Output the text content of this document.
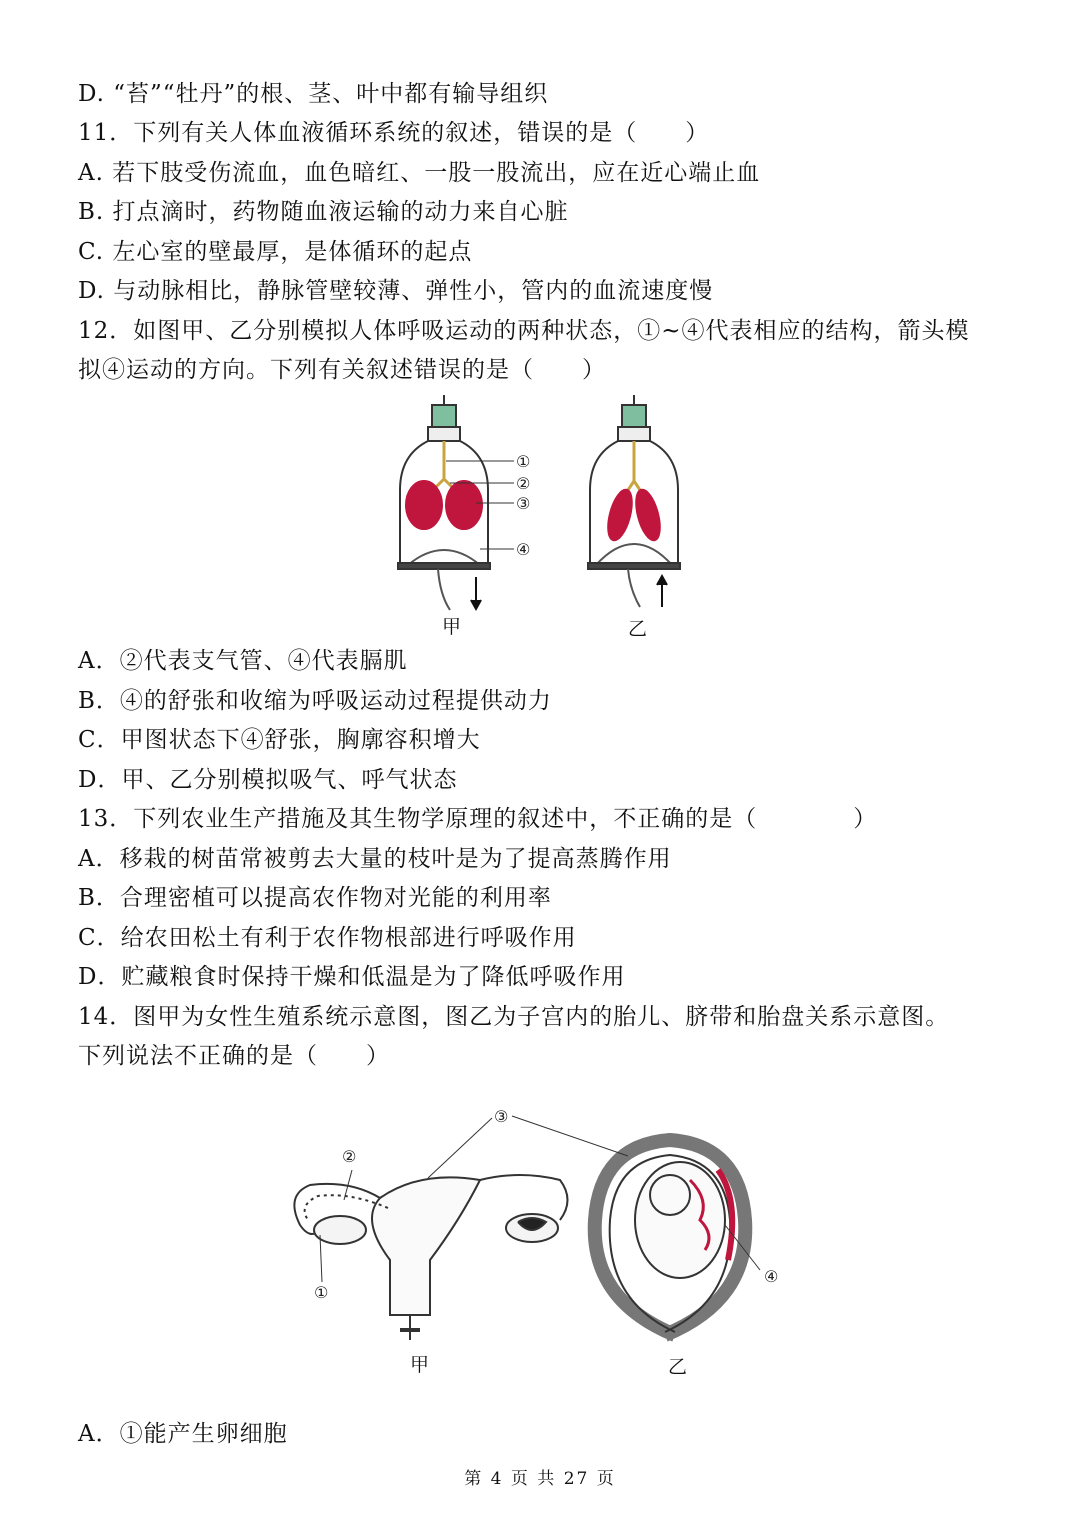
D. “苔”“牡丹”的根、茎、叶中都有输导组织
11．下列有关人体血液循环系统的叙述，错误的是（　　）
A. 若下肢受伤流血，血色暗红、一股一股流出，应在近心端止血
B. 打点滴时，药物随血液运输的动力来自心脏
C. 左心室的壁最厚，是体循环的起点
D. 与动脉相比，静脉管壁较薄、弹性小，管内的血流速度慢
12．如图甲、乙分别模拟人体呼吸运动的两种状态，①~④代表相应的结构，箭头模
拟④运动的方向。下列有关叙述错误的是（　　）
①
②
③
④
甲	乙
A．②代表支气管、④代表膈肌
B．④的舒张和收缩为呼吸运动过程提供动力
C．甲图状态下④舒张，胸廓容积增大
D．甲、乙分别模拟吸气、呼气状态
13．下列农业生产措施及其生物学原理的叙述中，不正确的是（　　　　）
A．移栽的树苗常被剪去大量的枝叶是为了提高蒸腾作用
B．合理密植可以提高农作物对光能的利用率
C．给农田松土有利于农作物根部进行呼吸作用
D．贮藏粮食时保持干燥和低温是为了降低呼吸作用
14．图甲为女性生殖系统示意图，图乙为子宫内的胎儿、脐带和胎盘关系示意图。
下列说法不正确的是（　　）
①
②
③
④
甲	乙
A．①能产生卵细胞
第 4 页 共 27 页
